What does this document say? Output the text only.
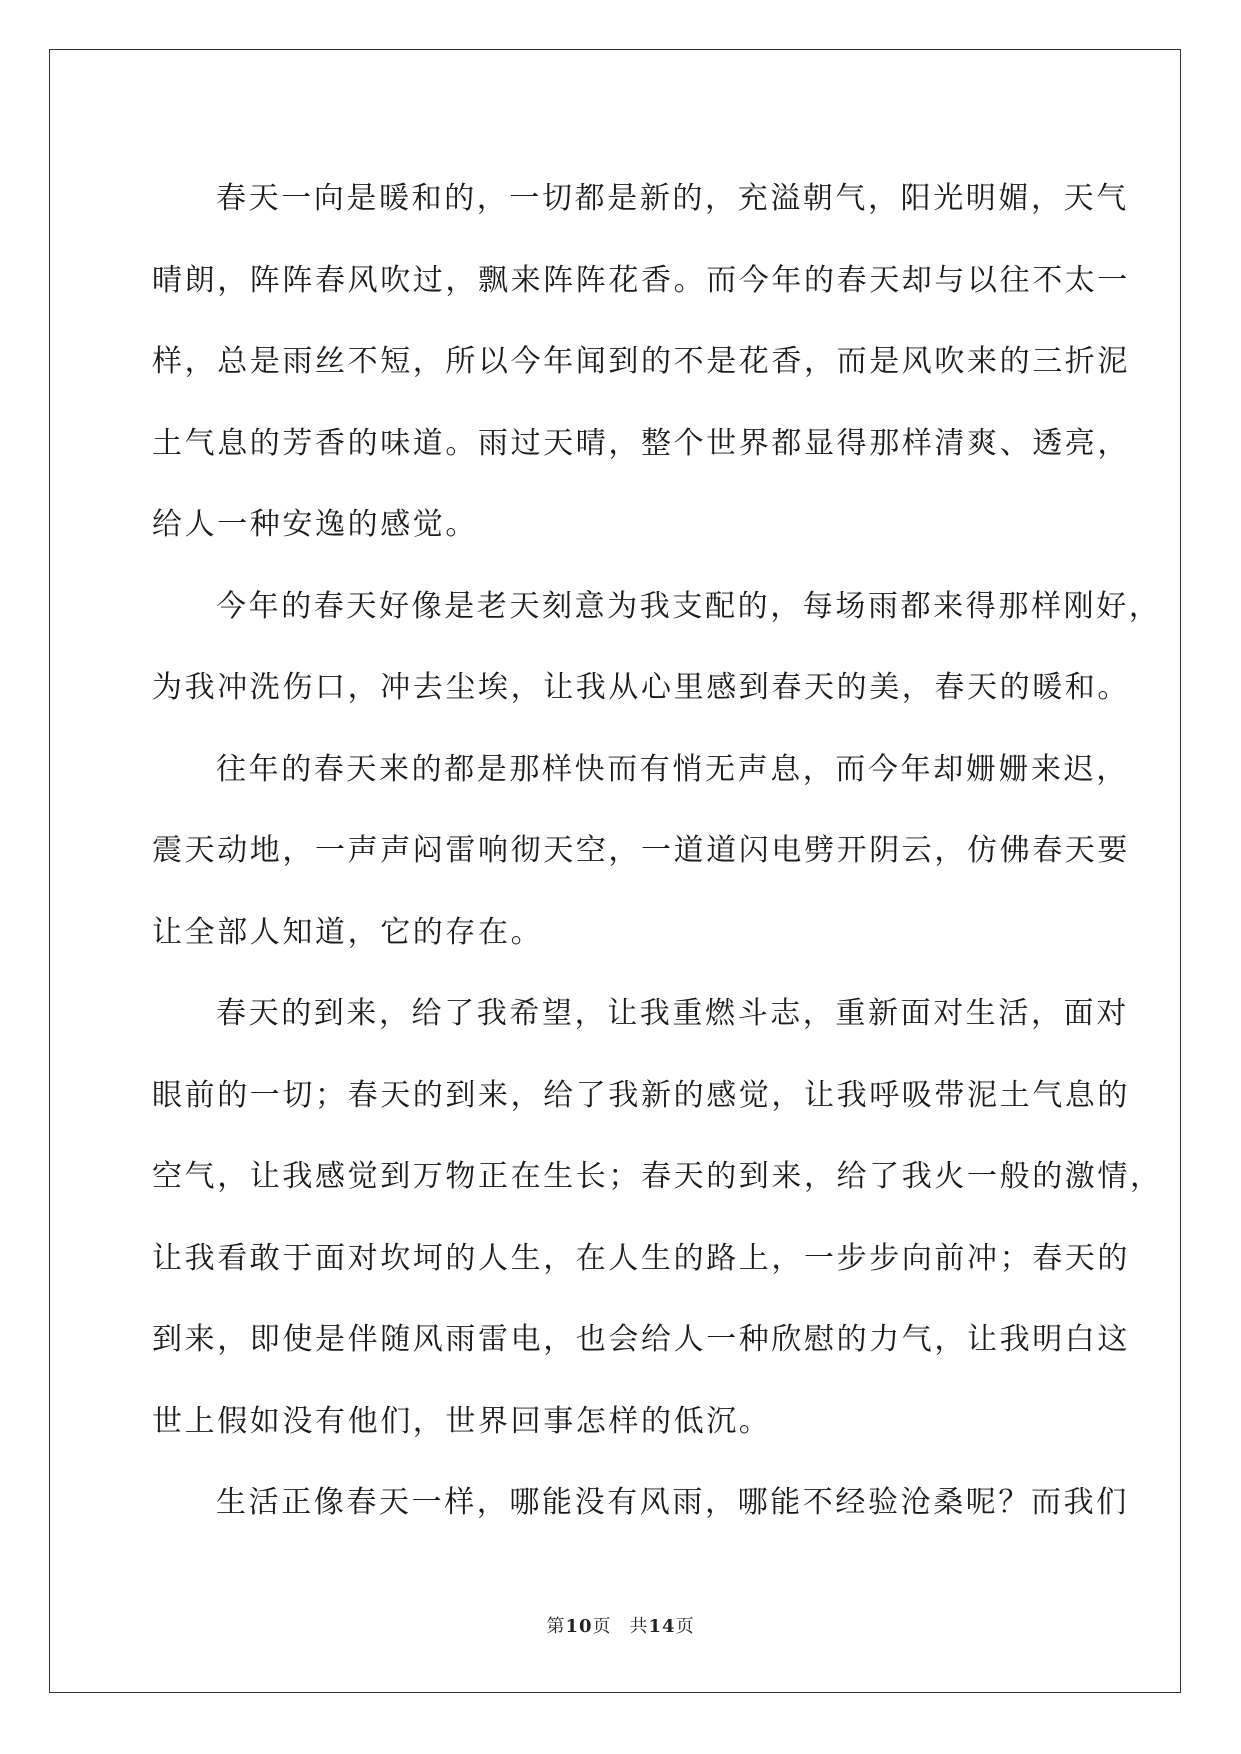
春天一向是暖和的，一切都是新的，充溢朝气，阳光明媚，天气
晴朗，阵阵春风吹过，飘来阵阵花香。而今年的春天却与以往不太一
样，总是雨丝不短，所以今年闻到的不是花香，而是风吹来的三折泥
土气息的芳香的味道。雨过天晴，整个世界都显得那样清爽、透亮，
给人一种安逸的感觉。
今年的春天好像是老天刻意为我支配的，每场雨都来得那样刚好，
为我冲洗伤口，冲去尘埃，让我从心里感到春天的美，春天的暖和。
往年的春天来的都是那样快而有悄无声息，而今年却姗姗来迟，
震天动地，一声声闷雷响彻天空，一道道闪电劈开阴云，仿佛春天要
让全部人知道，它的存在。
春天的到来，给了我希望，让我重燃斗志，重新面对生活，面对
眼前的一切；春天的到来，给了我新的感觉，让我呼吸带泥土气息的
空气，让我感觉到万物正在生长；春天的到来，给了我火一般的激情，
让我看敢于面对坎坷的人生，在人生的路上，一步步向前冲；春天的
到来，即使是伴随风雨雷电，也会给人一种欣慰的力气，让我明白这
世上假如没有他们，世界回事怎样的低沉。
生活正像春天一样，哪能没有风雨，哪能不经验沧桑呢？而我们
第10页 共14页
